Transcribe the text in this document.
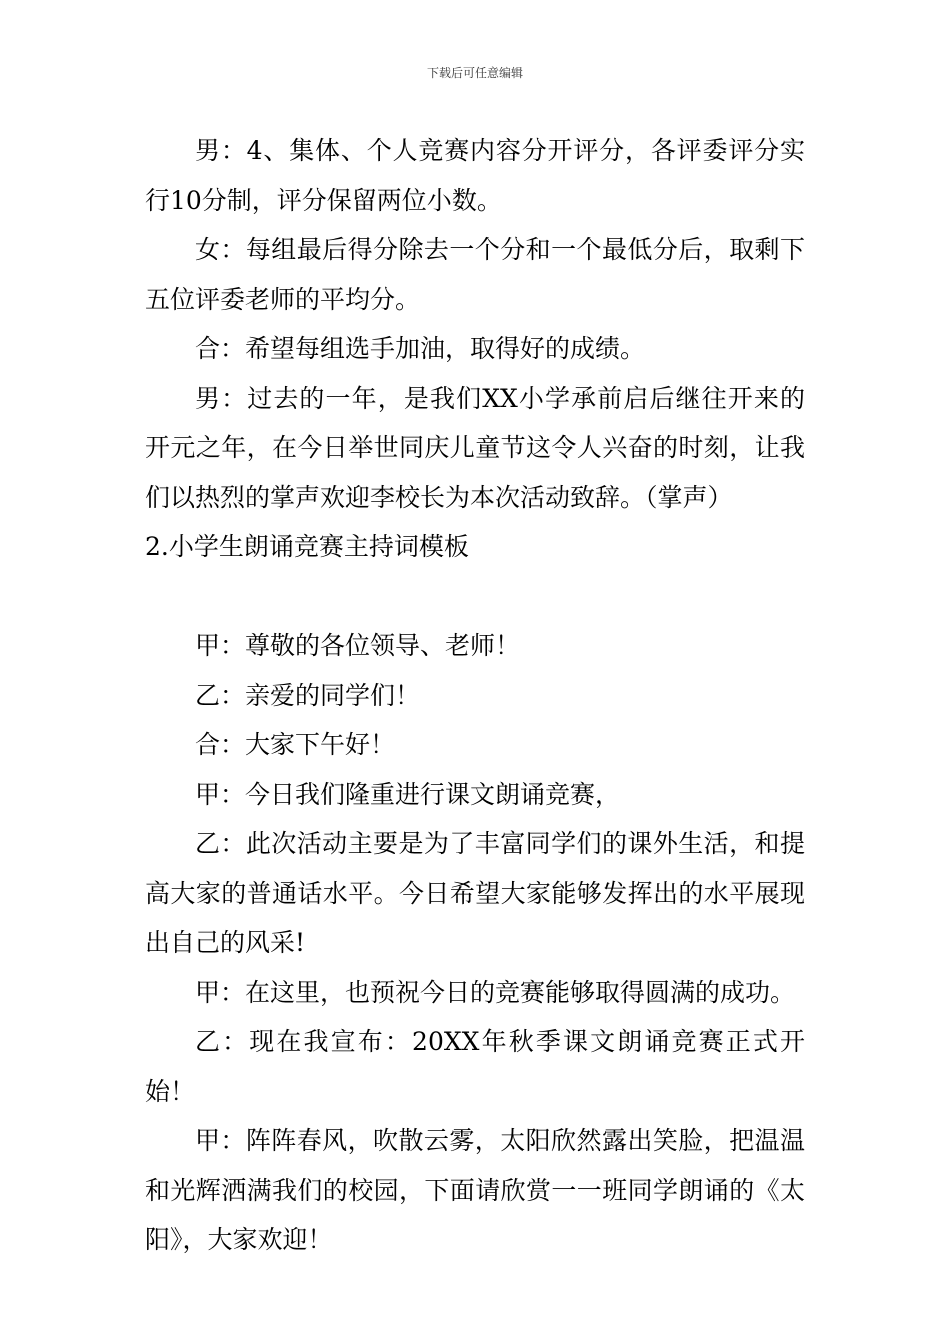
下载后可任意编辑

男：4、集体、个人竞赛内容分开评分，各评委评分实行10分制，评分保留两位小数。

女：每组最后得分除去一个分和一个最低分后，取剩下五位评委老师的平均分。

合：希望每组选手加油，取得好的成绩。

男：过去的一年，是我们XX小学承前启后继往开来的开元之年，在今日举世同庆儿童节这令人兴奋的时刻，让我们以热烈的掌声欢迎李校长为本次活动致辞。（掌声）

2.小学生朗诵竞赛主持词模板

甲：尊敬的各位领导、老师！

乙：亲爱的同学们！

合：大家下午好！

甲：今日我们隆重进行课文朗诵竞赛，

乙：此次活动主要是为了丰富同学们的课外生活，和提高大家的普通话水平。今日希望大家能够发挥出的水平展现出自己的风采!

甲：在这里，也预祝今日的竞赛能够取得圆满的成功。

乙：现在我宣布：20XX年秋季课文朗诵竞赛正式开始！

甲：阵阵春风，吹散云雾，太阳欣然露出笑脸，把温温和光辉洒满我们的校园，下面请欣赏一一班同学朗诵的《太阳》，大家欢迎！
